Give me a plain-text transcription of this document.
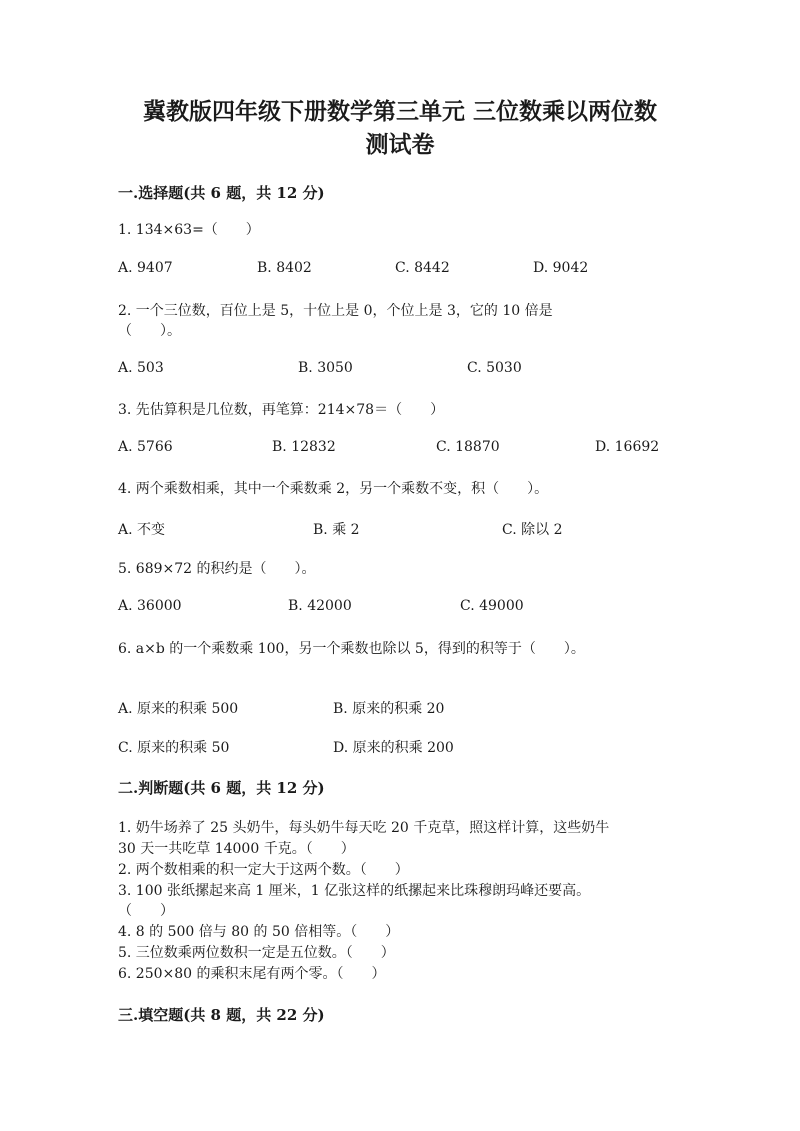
冀教版四年级下册数学第三单元 三位数乘以两位数
测试卷
一.选择题(共 6 题，共 12 分)
1. 134×63=（　　）
A. 9407	B. 8402	C. 8442	D. 9042
2. 一个三位数，百位上是 5，十位上是 0，个位上是 3，它的 10 倍是
（　　）。
A. 503	B. 3050	C. 5030
3. 先估算积是几位数，再笔算：214×78＝（　　）
A. 5766	B. 12832	C. 18870	D. 16692
4. 两个乘数相乘，其中一个乘数乘 2，另一个乘数不变，积（　　）。
A. 不变	B. 乘 2	C. 除以 2
5. 689×72 的积约是（　　）。
A. 36000	B. 42000	C. 49000
6. a×b 的一个乘数乘 100，另一个乘数也除以 5，得到的积等于（　　）。
A. 原来的积乘 500	B. 原来的积乘 20
C. 原来的积乘 50	D. 原来的积乘 200
二.判断题(共 6 题，共 12 分)
1. 奶牛场养了 25 头奶牛，每头奶牛每天吃 20 千克草，照这样计算，这些奶牛
30 天一共吃草 14000 千克。（　　）
2. 两个数相乘的积一定大于这两个数。（　　）
3. 100 张纸摞起来高 1 厘米，1 亿张这样的纸摞起来比珠穆朗玛峰还要高。
（　　）
4. 8 的 500 倍与 80 的 50 倍相等。（　　）
5. 三位数乘两位数积一定是五位数。（　　）
6. 250×80 的乘积末尾有两个零。（　　）
三.填空题(共 8 题，共 22 分)
